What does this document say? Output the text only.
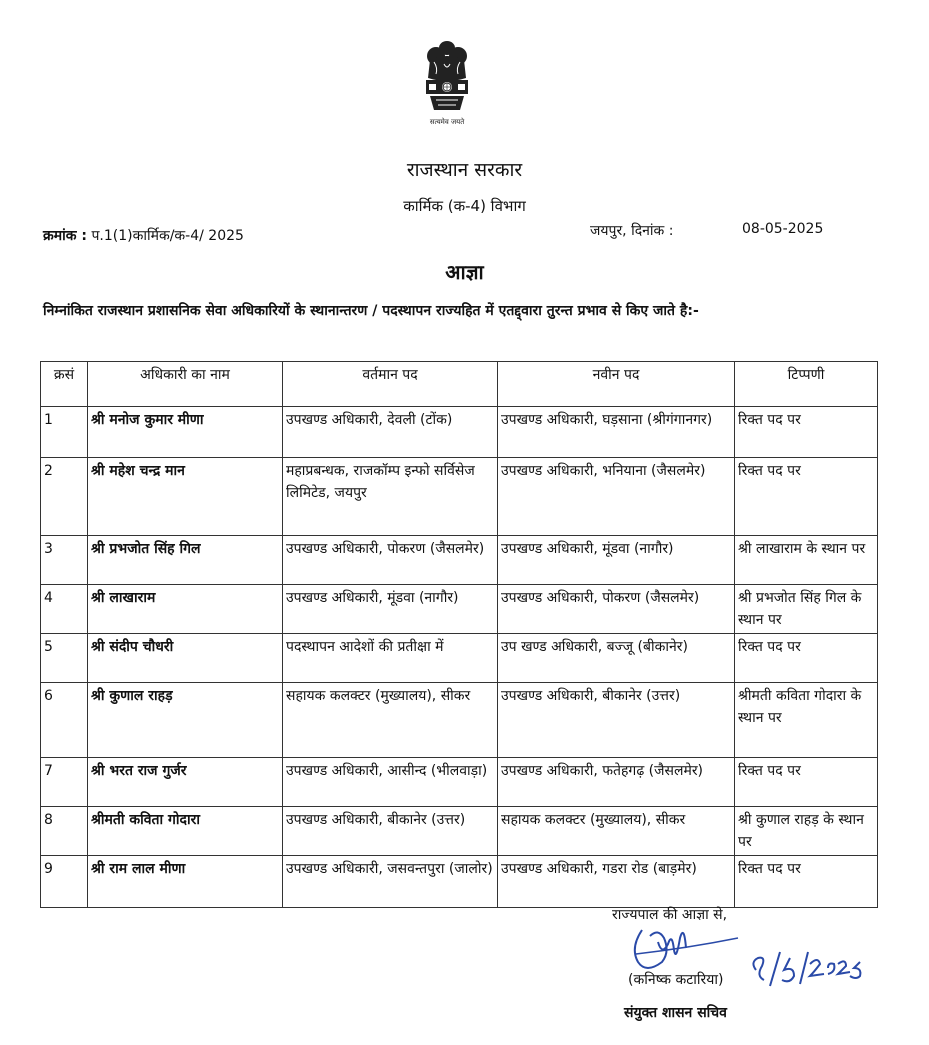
सत्यमेव जयते
राजस्थान सरकार
कार्मिक (क-4) विभाग
क्रमांक : प.1(1)कार्मिक/क-4/ 2025	जयपुर, दिनांक :	08-05-2025
आज्ञा
निम्नांकित राजस्थान प्रशासनिक सेवा अधिकारियों के स्थानान्तरण / पदस्थापन राज्यहित में एतद्द्वारा तुरन्त प्रभाव से किए जाते है:-
क्रसं	अधिकारी का नाम	वर्तमान पद	नवीन पद	टिप्पणी
1	श्री मनोज कुमार मीणा	उपखण्ड अधिकारी, देवली (टोंक)	उपखण्ड अधिकारी, घड़साना (श्रीगंगानगर)	रिक्त पद पर
2	श्री महेश चन्द्र मान	महाप्रबन्धक, राजकॉम्प इन्फो सर्विसेज लिमिटेड, जयपुर	उपखण्ड अधिकारी, भनियाना (जैसलमेर)	रिक्त पद पर
3	श्री प्रभजोत सिंह गिल	उपखण्ड अधिकारी, पोकरण (जैसलमेर)	उपखण्ड अधिकारी, मूंडवा (नागौर)	श्री लाखाराम के स्थान पर
4	श्री लाखाराम	उपखण्ड अधिकारी, मूंडवा (नागौर)	उपखण्ड अधिकारी, पोकरण (जैसलमेर)	श्री प्रभजोत सिंह गिल के स्थान पर
5	श्री संदीप चौधरी	पदस्थापन आदेशों की प्रतीक्षा में	उप खण्ड अधिकारी, बज्जू (बीकानेर)	रिक्त पद पर
6	श्री कुणाल राहड़	सहायक कलक्टर (मुख्यालय), सीकर	उपखण्ड अधिकारी, बीकानेर (उत्तर)	श्रीमती कविता गोदारा के स्थान पर
7	श्री भरत राज गुर्जर	उपखण्ड अधिकारी, आसीन्द (भीलवाड़ा)	उपखण्ड अधिकारी, फतेहगढ़ (जैसलमेर)	रिक्त पद पर
8	श्रीमती कविता गोदारा	उपखण्ड अधिकारी, बीकानेर (उत्तर)	सहायक कलक्टर (मुख्यालय), सीकर	श्री कुणाल राहड़ के स्थान पर
9	श्री राम लाल मीणा	उपखण्ड अधिकारी, जसवन्तपुरा (जालोर)	उपखण्ड अधिकारी, गडरा रोड (बाड़मेर)	रिक्त पद पर
राज्यपाल की आज्ञा से,
(कनिष्क कटारिया)
संयुक्त शासन सचिव
